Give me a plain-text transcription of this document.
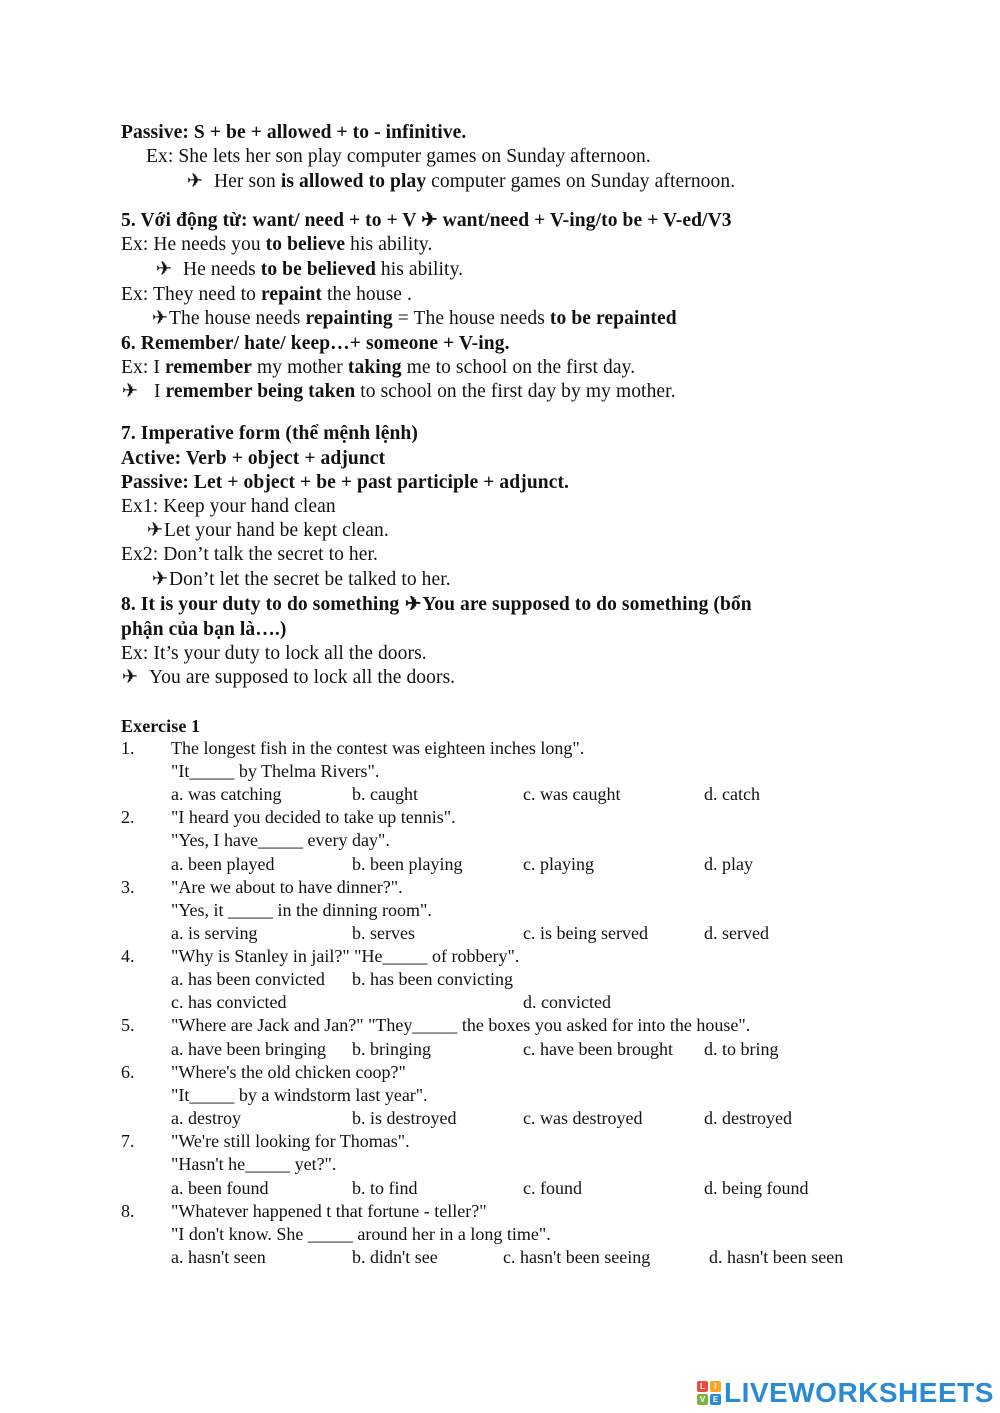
Passive: S + be + allowed + to - infinitive.
Ex: She lets her son play computer games on Sunday afternoon.
✈ Her son is allowed to play computer games on Sunday afternoon.
5. Với động từ: want/ need + to + V ✈ want/need + V-ing/to be + V-ed/V3
Ex: He needs you to believe his ability.
✈ He needs to be believed his ability.
Ex: They need to repaint the house .
✈The house needs repainting = The house needs to be repainted
6. Remember/ hate/ keep…+ someone + V-ing.
Ex: I remember my mother taking me to school on the first day.
✈ I remember being taken to school on the first day by my mother.
7. Imperative form (thể mệnh lệnh)
Active: Verb + object + adjunct
Passive: Let + object + be + past participle + adjunct.
Ex1: Keep your hand clean
✈Let your hand be kept clean.
Ex2: Don’t talk the secret to her.
✈Don’t let the secret be talked to her.
8. It is your duty to do something ✈You are supposed to do something (bổn
phận của bạn là….)
Ex: It’s your duty to lock all the doors.
✈ You are supposed to lock all the doors.
Exercise 1
1. The longest fish in the contest was eighteen inches long".
"It_____ by Thelma Rivers".
a. was catching	b. caught	c. was caught	d. catch
2. "I heard you decided to take up tennis".
"Yes, I have_____ every day".
a. been played	b. been playing	c. playing	d. play
3. "Are we about to have dinner?".
"Yes, it _____ in the dinning room".
a. is serving	b. serves	c. is being served	d. served
4. "Why is Stanley in jail?" "He_____ of robbery".
a. has been convicted b. has been convicting
c. has convicted	d. convicted
5. "Where are Jack and Jan?" "They_____ the boxes you asked for into the house".
a. have been bringing b. bringing	c. have been brought d. to bring
6. "Where's the old chicken coop?"
"It_____ by a windstorm last year".
a. destroy	b. is destroyed	c. was destroyed	d. destroyed
7. "We're still looking for Thomas".
"Hasn't he_____ yet?".
a. been found	b. to find	c. found	d. being found
8. "Whatever happened t that fortune - teller?"
"I don't know. She _____ around her in a long time".
a. hasn't seen	b. didn't see	c. hasn't been seeing	d. hasn't been seen
L	I
V E LIVEWORKSHEETS
